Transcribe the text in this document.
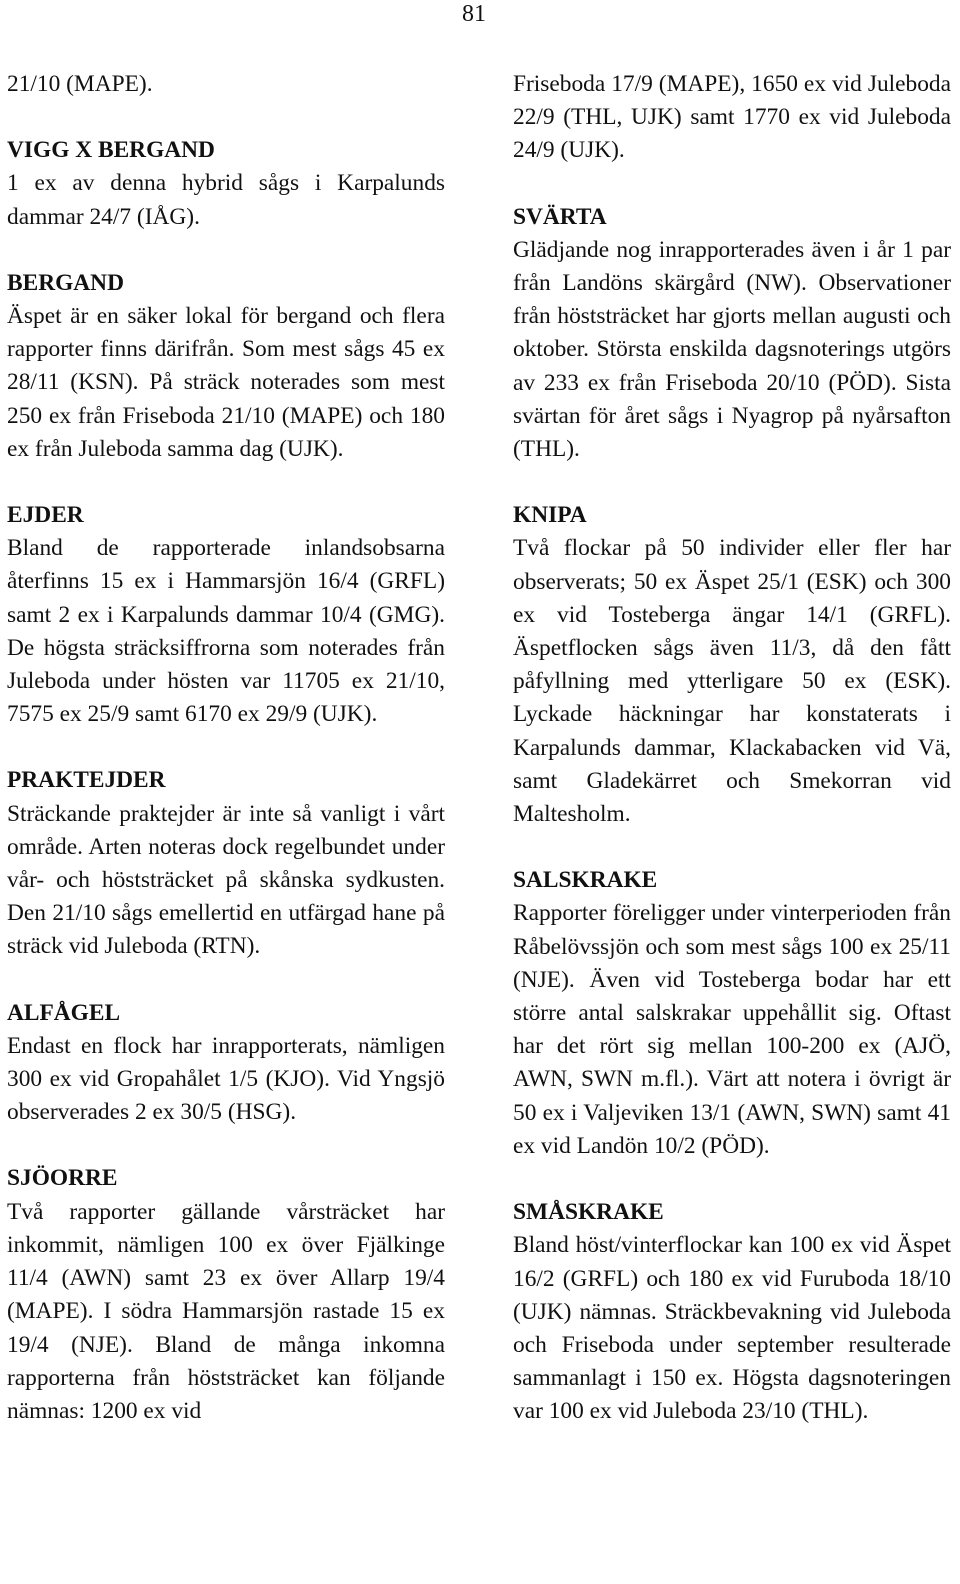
81

21/10 (MAPE).

VIGG X BERGAND

1 ex av denna hybrid sågs i Karpalunds dammar 24/7 (IÅG).

BERGAND

Äspet är en säker lokal för bergand och flera rapporter finns därifrån. Som mest sågs 45 ex 28/11 (KSN). På sträck noterades som mest 250 ex från Friseboda 21/10 (MAPE) och 180 ex från Juleboda samma dag (UJK).

EJDER

Bland de rapporterade inlandsobsarna återfinns 15 ex i Hammarsjön 16/4 (GRFL) samt 2 ex i Karpalunds dammar 10/4 (GMG). De högsta sträcksiffrorna som noterades från Juleboda under hösten var 11705 ex 21/10, 7575 ex 25/9 samt 6170 ex 29/9 (UJK).

PRAKTEJDER

Sträckande praktejder är inte så vanligt i vårt område. Arten noteras dock regelbundet under vår- och höststräcket på skånska sydkusten. Den 21/10 sågs emellertid en utfärgad hane på sträck vid Juleboda (RTN).

ALFÅGEL

Endast en flock har inrapporterats, nämligen 300 ex vid Gropahålet 1/5 (KJO). Vid Yngsjö observerades 2 ex 30/5 (HSG).

SJÖORRE

Två rapporter gällande vårsträcket har inkommit, nämligen 100 ex över Fjälkinge 11/4 (AWN) samt 23 ex över Allarp 19/4 (MAPE). I södra Hammarsjön rastade 15 ex 19/4 (NJE). Bland de många inkomna rapporterna från höststräcket kan följande nämnas: 1200 ex vid

Friseboda 17/9 (MAPE), 1650 ex vid Juleboda 22/9 (THL, UJK) samt 1770 ex vid Juleboda 24/9 (UJK).

SVÄRTA

Glädjande nog inrapporterades även i år 1 par från Landöns skärgård (NW). Observationer från höststräcket har gjorts mellan augusti och oktober. Största enskilda dagsnoterings utgörs av 233 ex från Friseboda 20/10 (PÖD). Sista svärtan för året sågs i Nyagrop på nyårsafton (THL).

KNIPA

Två flockar på 50 individer eller fler har observerats; 50 ex Äspet 25/1 (ESK) och 300 ex vid Tosteberga ängar 14/1 (GRFL). Äspetflocken sågs även 11/3, då den fått påfyllning med ytterligare 50 ex (ESK). Lyckade häckningar har konstaterats i Karpalunds dammar, Klackabacken vid Vä, samt Gladekärret och Smekorran vid Maltesholm.

SALSKRAKE

Rapporter föreligger under vinterperioden från Råbelövssjön och som mest sågs 100 ex 25/11 (NJE). Även vid Tosteberga bodar har ett större antal salskrakar uppehållit sig. Oftast har det rört sig mellan 100-200 ex (AJÖ, AWN, SWN m.fl.). Värt att notera i övrigt är 50 ex i Valjeviken 13/1 (AWN, SWN) samt 41 ex vid Landön 10/2 (PÖD).

SMÅSKRAKE

Bland höst/vinterflockar kan 100 ex vid Äspet 16/2 (GRFL) och 180 ex vid Furuboda 18/10 (UJK) nämnas. Sträckbevakning vid Juleboda och Friseboda under september resulterade sammanlagt i 150 ex. Högsta dagsnoteringen var 100 ex vid Juleboda 23/10 (THL).
